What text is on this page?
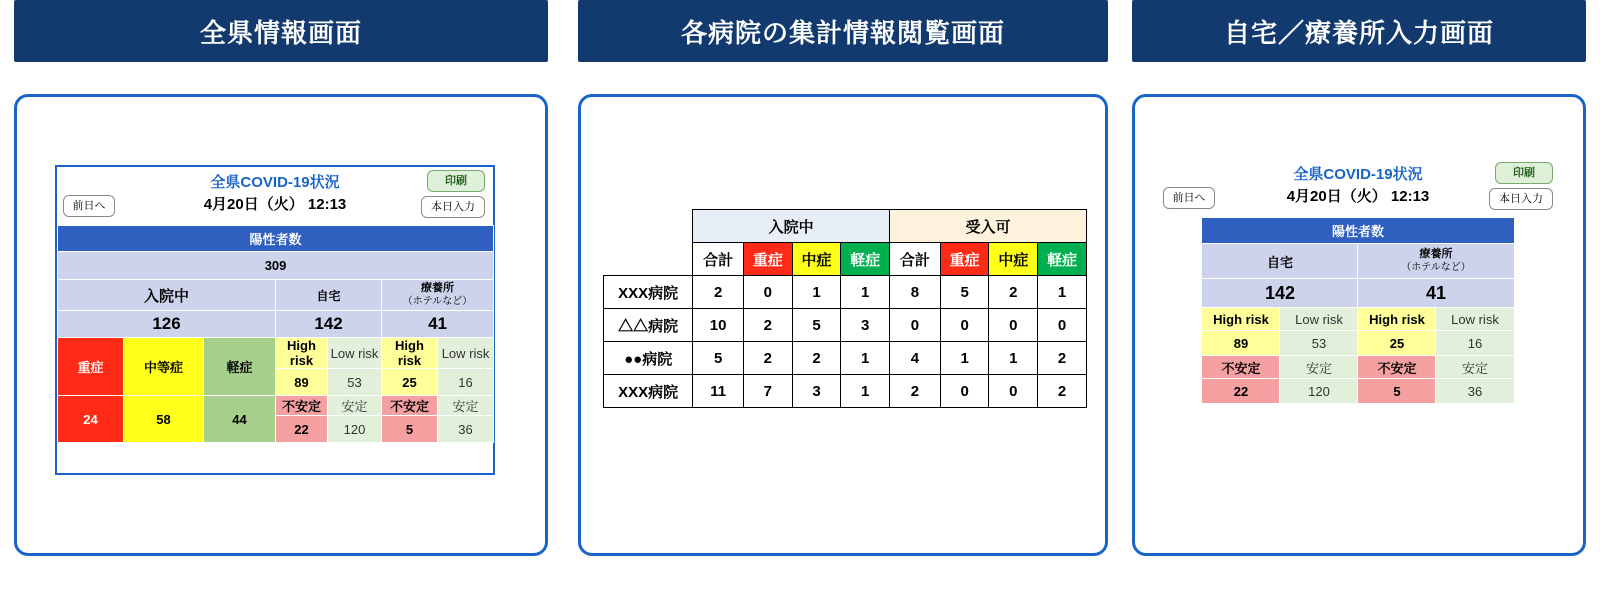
全県情報画面
全県COVID-19状況
4月20日（火） 12:13
前日へ
印刷
本日入力
陽性者数						
309						
入院中			自宅		療養所
（ホテルなど）	

126			142		41	
重症	中等症	軽症	High risk	Low risk	High risk	Low risk
			89	53	25	16
24	58	44	不安定	安定	不安定	安定
			22	120	5	36
各病院の集計情報閲覧画面
	入院中				受入可			
	合計	重症	中症	軽症	合計	重症	中症	軽症
XXX病院	2	0	1	1	8	5	2	1
△△病院	10	2	5	3	0	0	0	0
●●病院	5	2	2	1	4	1	1	2
XXX病院	11	7	3	1	2	0	0	2
自宅／療養所入力画面
全県COVID-19状況
4月20日（火） 12:13
前日へ
印刷
本日入力
陽性者数			
自宅		療養所
（ホテルなど）	

142		41	
High risk	Low risk	High risk	Low risk
89	53	25	16
不安定	安定	不安定	安定
22	120	5	36
